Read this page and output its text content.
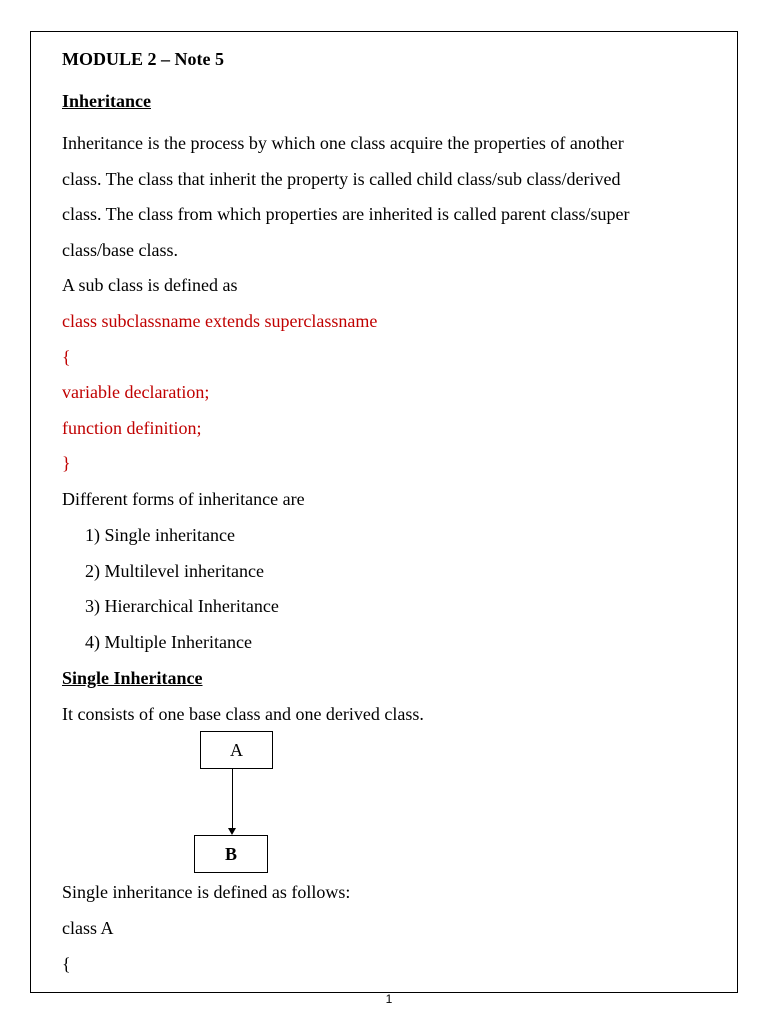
MODULE 2 – Note 5
Inheritance
Inheritance is the process by which one class acquire the properties of another
class. The class that inherit the property is called child class/sub class/derived
class. The class from which properties are inherited is called parent class/super
class/base class.
A sub class is defined as
class subclassname extends superclassname
{
variable declaration;
function definition;
}
Different forms of inheritance are
1) Single inheritance
2) Multilevel inheritance
3) Hierarchical Inheritance
4) Multiple Inheritance
Single Inheritance
It consists of one base class and one derived class.
A
B
Single inheritance is defined as follows:
class A
{
1
